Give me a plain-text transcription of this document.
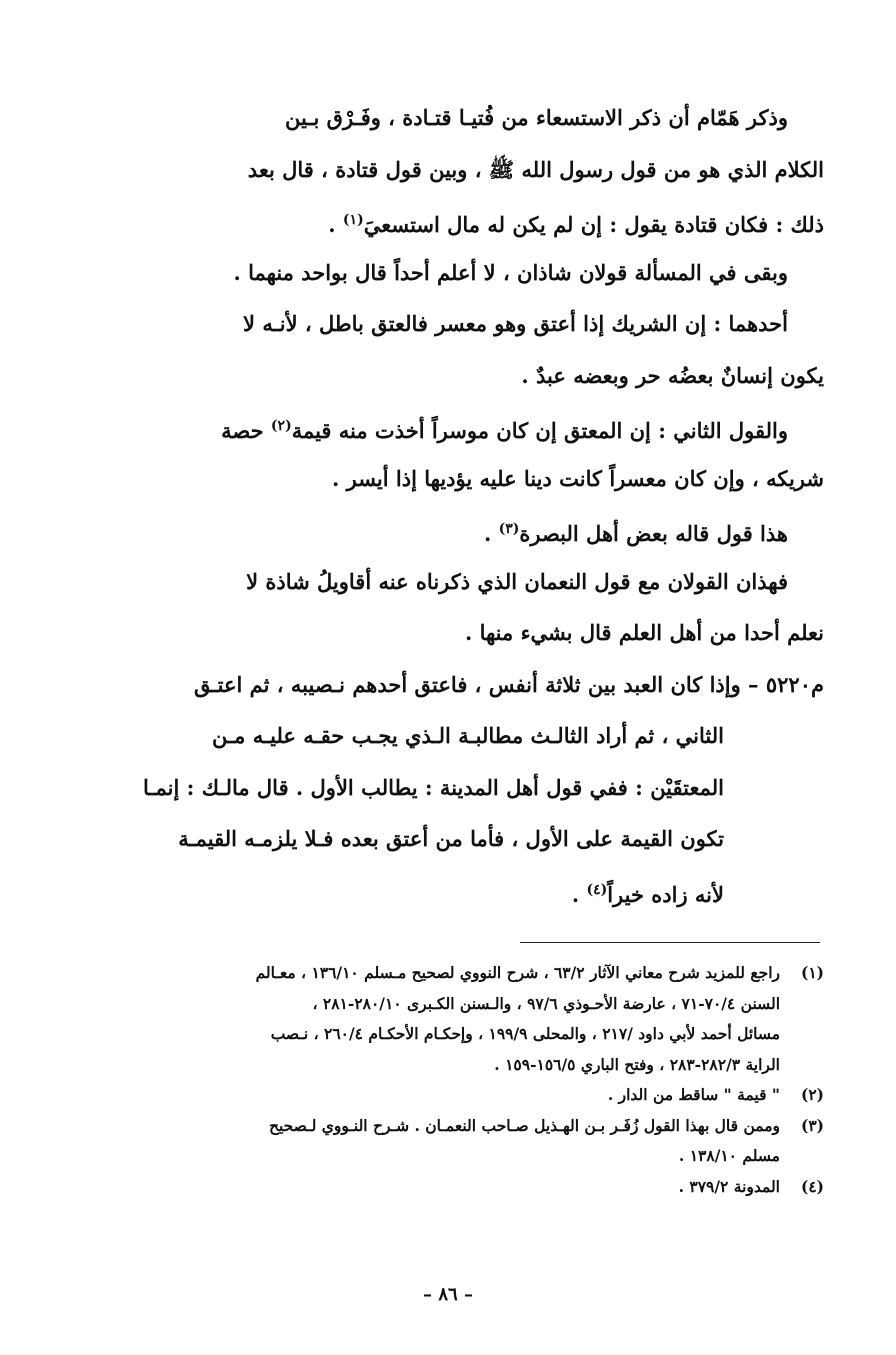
وذكر هَمّام أن ذكر الاستسعاء من فُتيـا قتـادة ، وفَـرْق بـين
الكلام الذي هو من قول رسول الله ﷺ ، وبين قول قتادة ، قال بعد
ذلك : فكان قتادة يقول : إن لم يكن له مال استسعيَ$^{(١)}$ .
وبقى في المسألة قولان شاذان ، لا أعلم أحداً قال بواحد منهما .
أحدهما : إن الشريك إذا أعتق وهو معسر فالعتق باطل ، لأنـه لا
يكون إنسانٌ بعضُه حر وبعضه عبدٌ .
والقول الثاني : إن المعتق إن كان موسراً أخذت منه قيمة$^{(٢)}$ حصة
شريكه ، وإن كان معسراً كانت دينا عليه يؤديها إذا أيسر .
هذا قول قاله بعض أهل البصرة$^{(٣)}$ .
فهذان القولان مع قول النعمان الذي ذكرناه عنه أقاويلُ شاذة لا
نعلم أحدا من أهل العلم قال بشيء منها .
م٥٢٢٠ – وإذا كان العبد بين ثلاثة أنفس ، فاعتق أحدهم نـصيبه ، ثم اعتـق
الثاني ، ثم أراد الثالـث مطالبـة الـذي يجـب حقـه عليـه مـن
المعتقَيْن : ففي قول أهل المدينة : يطالب الأول . قال مالـك : إنمـا
تكون القيمة على الأول ، فأما من أعتق بعده فـلا يلزمـه القيمـة
لأنه زاده خيراً$^{(٤)}$ .
(١)
راجع للمزيد شرح معاني الآثار ٦٣/٢ ، شرح النووي لصحيح مـسلم ١٣٦/١٠ ، معـالم
السنن ٧٠/٤-٧١ ، عارضة الأحـوذي ٩٧/٦ ، والـسنن الكـبرى ٢٨٠/١٠-٢٨١ ،
مسائل أحمد لأبي داود /٢١٧ ، والمحلى ١٩٩/٩ ، وإحكـام الأحكـام ٢٦٠/٤ ، نـصب
الراية ٢٨٢/٣-٢٨٣ ، وفتح الباري ١٥٦/٥-١٥٩ .
(٢)
" قيمة " ساقط من الدار .
(٣)
وممن قال بهذا القول زُفَـر بـن الهـذيل صـاحب النعمـان . شـرح النـووي لـصحيح
مسلم ١٣٨/١٠ .
(٤)
المدونة ٣٧٩/٢ .
– ٨٦ –
